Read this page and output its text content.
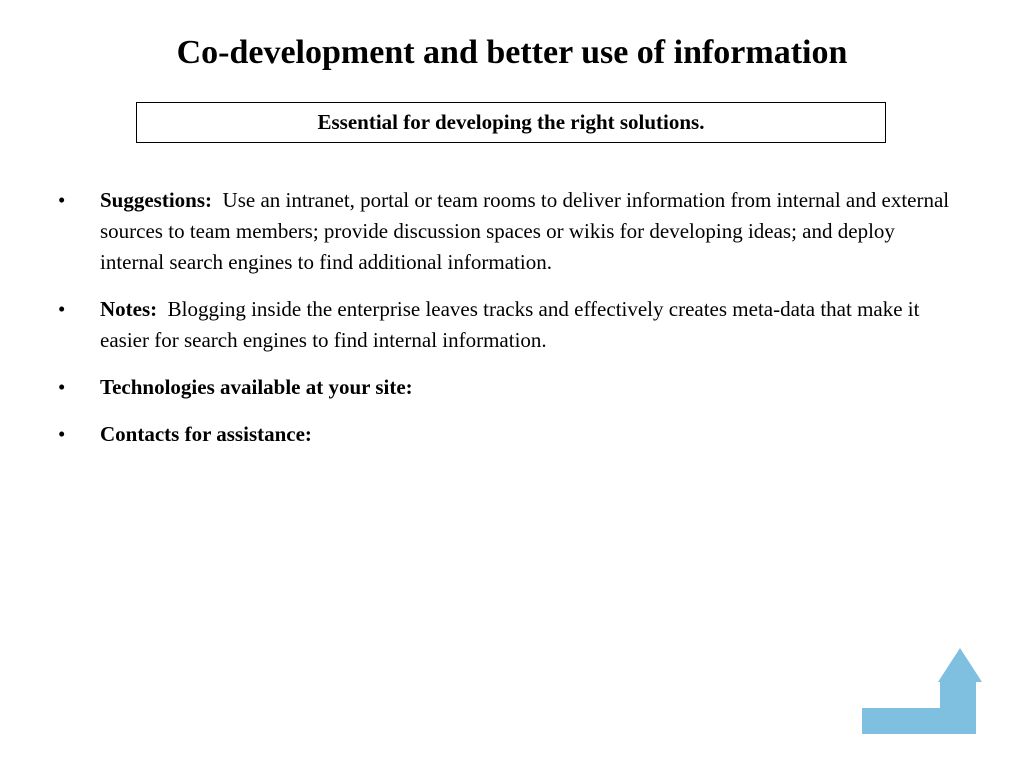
Co-development and better use of information
Essential for developing the right solutions.
•	Suggestions: Use an intranet, portal or team rooms to deliver information from internal and external sources to team members; provide discussion spaces or wikis for developing ideas; and deploy internal search engines to find additional information.
•	Notes: Blogging inside the enterprise leaves tracks and effectively creates meta-data that make it easier for search engines to find internal information.
•	Technologies available at your site:
•	Contacts for assistance:
